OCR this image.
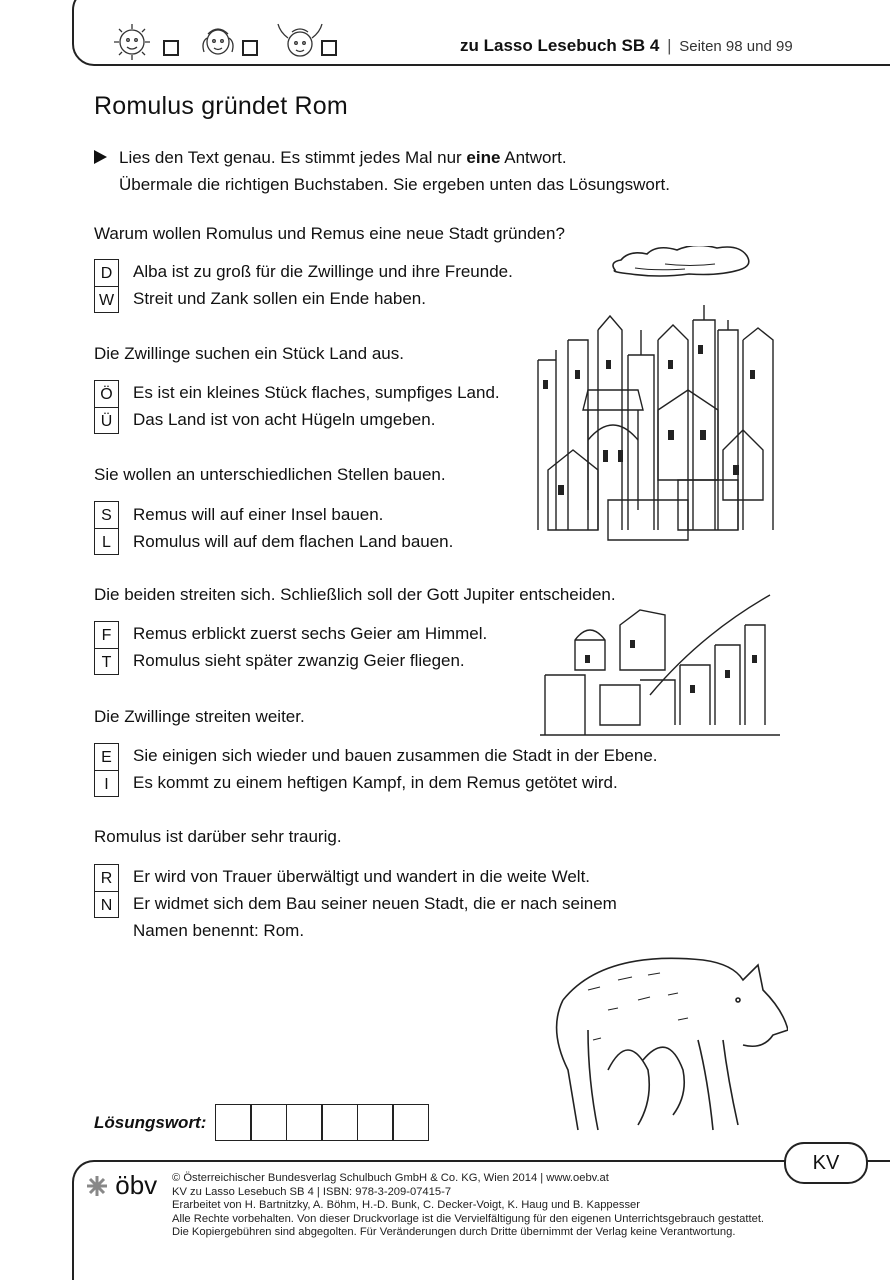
zu Lasso Lesebuch SB 4 | Seiten 98 und 99
Romulus gründet Rom
Lies den Text genau. Es stimmt jedes Mal nur eine Antwort.
Übermale die richtigen Buchstaben. Sie ergeben unten das Lösungswort.
Warum wollen Romulus und Remus eine neue Stadt gründen?
D
W
Alba ist zu groß für die Zwillinge und ihre Freunde.
Streit und Zank sollen ein Ende haben.
Die Zwillinge suchen ein Stück Land aus.
Ö
Ü
Es ist ein kleines Stück flaches, sumpfiges Land.
Das Land ist von acht Hügeln umgeben.
Sie wollen an unterschiedlichen Stellen bauen.
S
L
Remus will auf einer Insel bauen.
Romulus will auf dem flachen Land bauen.
Die beiden streiten sich. Schließlich soll der Gott Jupiter entscheiden.
F
T
Remus erblickt zuerst sechs Geier am Himmel.
Romulus sieht später zwanzig Geier fliegen.
Die Zwillinge streiten weiter.
E
I
Sie einigen sich wieder und bauen zusammen die Stadt in der Ebene.
Es kommt zu einem heftigen Kampf, in dem Remus getötet wird.
Romulus ist darüber sehr traurig.
R
N
Er wird von Trauer überwältigt und wandert in die weite Welt.
Er widmet sich dem Bau seiner neuen Stadt, die er nach seinem
Namen benennt: Rom.
Lösungswort:
KV
öbv © Österreichischer Bundesverlag Schulbuch GmbH & Co. KG, Wien 2014 | www.oebv.at
KV zu Lasso Lesebuch SB 4 | ISBN: 978-3-209-07415-7
Erarbeitet von H. Bartnitzky, A. Böhm, H.-D. Bunk, C. Decker-Voigt, K. Haug und B. Kappesser
Alle Rechte vorbehalten. Von dieser Druckvorlage ist die Vervielfältigung für den eigenen Unterrichtsgebrauch gestattet.
Die Kopiergebühren sind abgegolten. Für Veränderungen durch Dritte übernimmt der Verlag keine Verantwortung.
